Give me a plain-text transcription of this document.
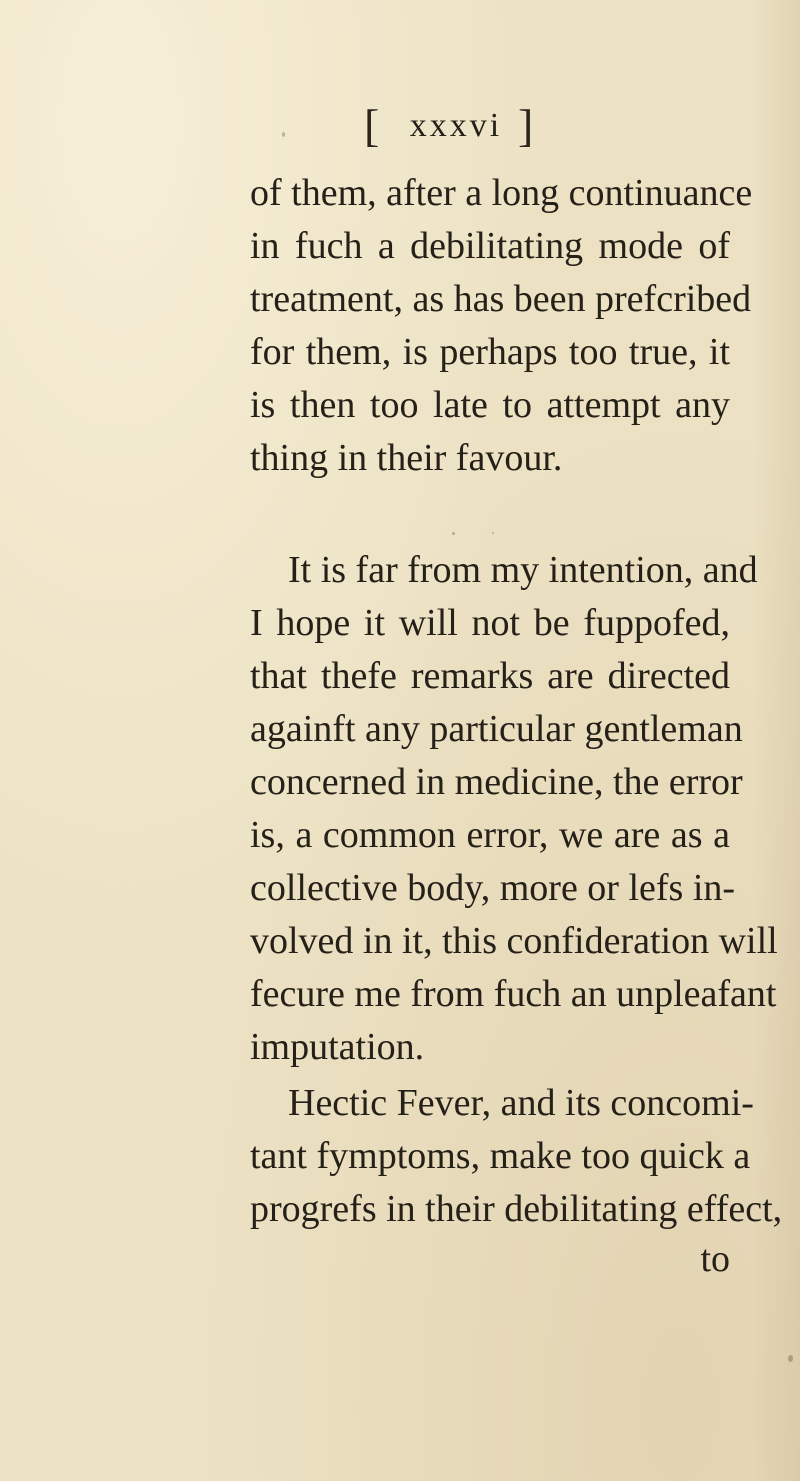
[ xxxvi ]
of them, after a long continuance
in fuch a debilitating mode of
treatment, as has been prefcribed
for them, is perhaps too true, it
is then too late to attempt any
thing in their favour.
It is far from my intention, and
I hope it will not be fuppofed,
that thefe remarks are directed
againft any particular gentleman
concerned in medicine, the error
is, a common error, we are as a
collective body, more or lefs in-
volved in it, this confideration will
fecure me from fuch an unpleafant
imputation.
Hectic Fever, and its concomi-
tant fymptoms, make too quick a
progrefs in their debilitating effect,
to
